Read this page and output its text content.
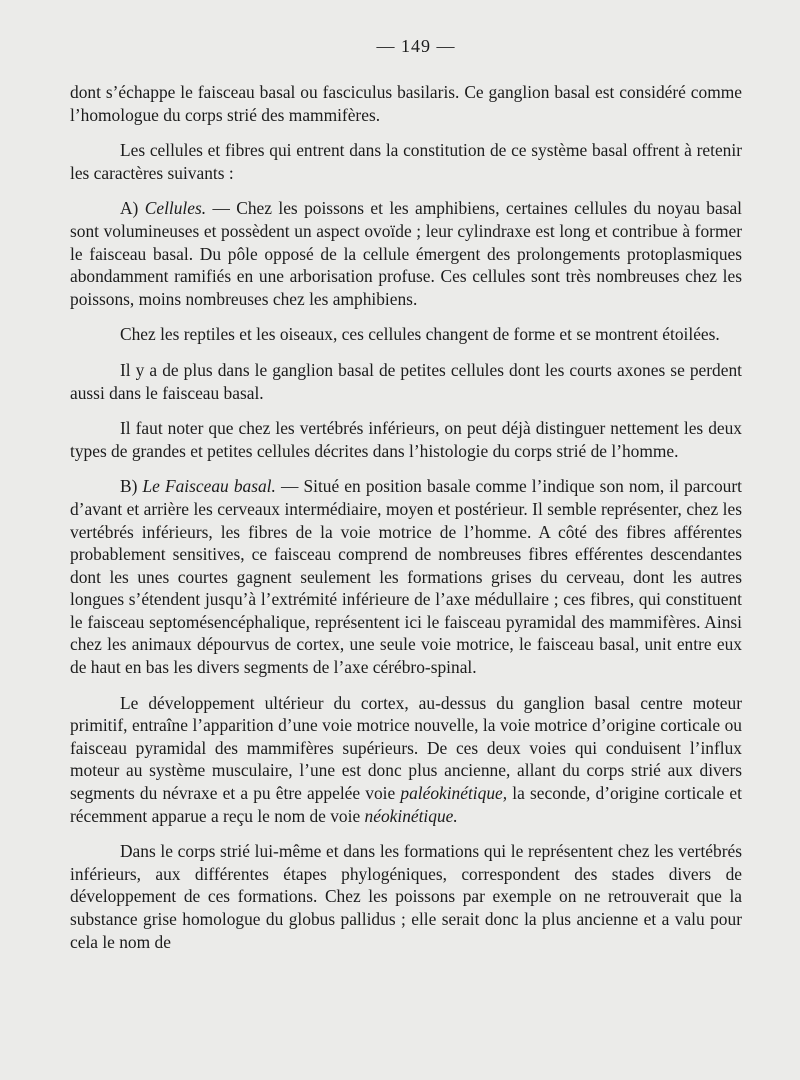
— 149 —

dont s’échappe le faisceau basal ou fasciculus basilaris. Ce ganglion basal est considéré comme l’homologue du corps strié des mammifères.

Les cellules et fibres qui entrent dans la constitution de ce système basal offrent à retenir les caractères suivants :

A) Cellules. — Chez les poissons et les amphibiens, certaines cellules du noyau basal sont volumineuses et possèdent un aspect ovoïde ; leur cylindraxe est long et contribue à former le faisceau basal. Du pôle opposé de la cellule émergent des prolongements protoplasmiques abondamment ramifiés en une arborisation profuse. Ces cellules sont très nombreuses chez les poissons, moins nombreuses chez les amphibiens.

Chez les reptiles et les oiseaux, ces cellules changent de forme et se montrent étoilées.

Il y a de plus dans le ganglion basal de petites cellules dont les courts axones se perdent aussi dans le faisceau basal.

Il faut noter que chez les vertébrés inférieurs, on peut déjà distinguer nettement les deux types de grandes et petites cellules décrites dans l’histologie du corps strié de l’homme.

B) Le Faisceau basal. — Situé en position basale comme l’indique son nom, il parcourt d’avant et arrière les cerveaux intermédiaire, moyen et postérieur. Il semble représenter, chez les vertébrés inférieurs, les fibres de la voie motrice de l’homme. A côté des fibres afférentes probablement sensitives, ce faisceau comprend de nombreuses fibres efférentes descendantes dont les unes courtes gagnent seulement les formations grises du cerveau, dont les autres longues s’étendent jusqu’à l’extrémité inférieure de l’axe médullaire ; ces fibres, qui constituent le faisceau septomésencéphalique, représentent ici le faisceau pyramidal des mammifères. Ainsi chez les animaux dépourvus de cortex, une seule voie motrice, le faisceau basal, unit entre eux de haut en bas les divers segments de l’axe cérébro-spinal.

Le développement ultérieur du cortex, au-dessus du ganglion basal centre moteur primitif, entraîne l’apparition d’une voie motrice nouvelle, la voie motrice d’origine corticale ou faisceau pyramidal des mammifères supérieurs. De ces deux voies qui conduisent l’influx moteur au système musculaire, l’une est donc plus ancienne, allant du corps strié aux divers segments du névraxe et a pu être appelée voie paléokinétique, la seconde, d’origine corticale et récemment apparue a reçu le nom de voie néokinétique.

Dans le corps strié lui-même et dans les formations qui le représentent chez les vertébrés inférieurs, aux différentes étapes phylogéniques, correspondent des stades divers de développement de ces formations. Chez les poissons par exemple on ne retrouverait que la substance grise homologue du globus pallidus ; elle serait donc la plus ancienne et a valu pour cela le nom de
